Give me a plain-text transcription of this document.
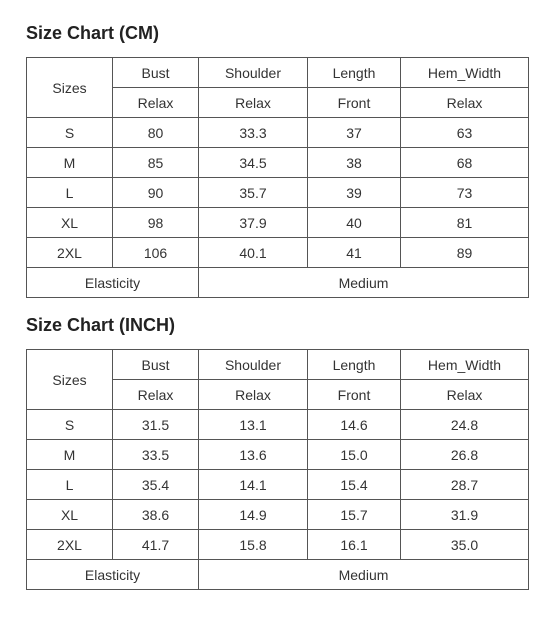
Size Chart (CM)
Sizes	Bust	Shoulder	Length	Hem_Width
	Relax	Relax	Front	Relax
S	80	33.3	37	63
M	85	34.5	38	68
L	90	35.7	39	73
XL	98	37.9	40	81
2XL	106	40.1	41	89
Elasticity		Medium		
Size Chart (INCH)
Sizes	Bust	Shoulder	Length	Hem_Width
	Relax	Relax	Front	Relax
S	31.5	13.1	14.6	24.8
M	33.5	13.6	15.0	26.8
L	35.4	14.1	15.4	28.7
XL	38.6	14.9	15.7	31.9
2XL	41.7	15.8	16.1	35.0
Elasticity		Medium		
